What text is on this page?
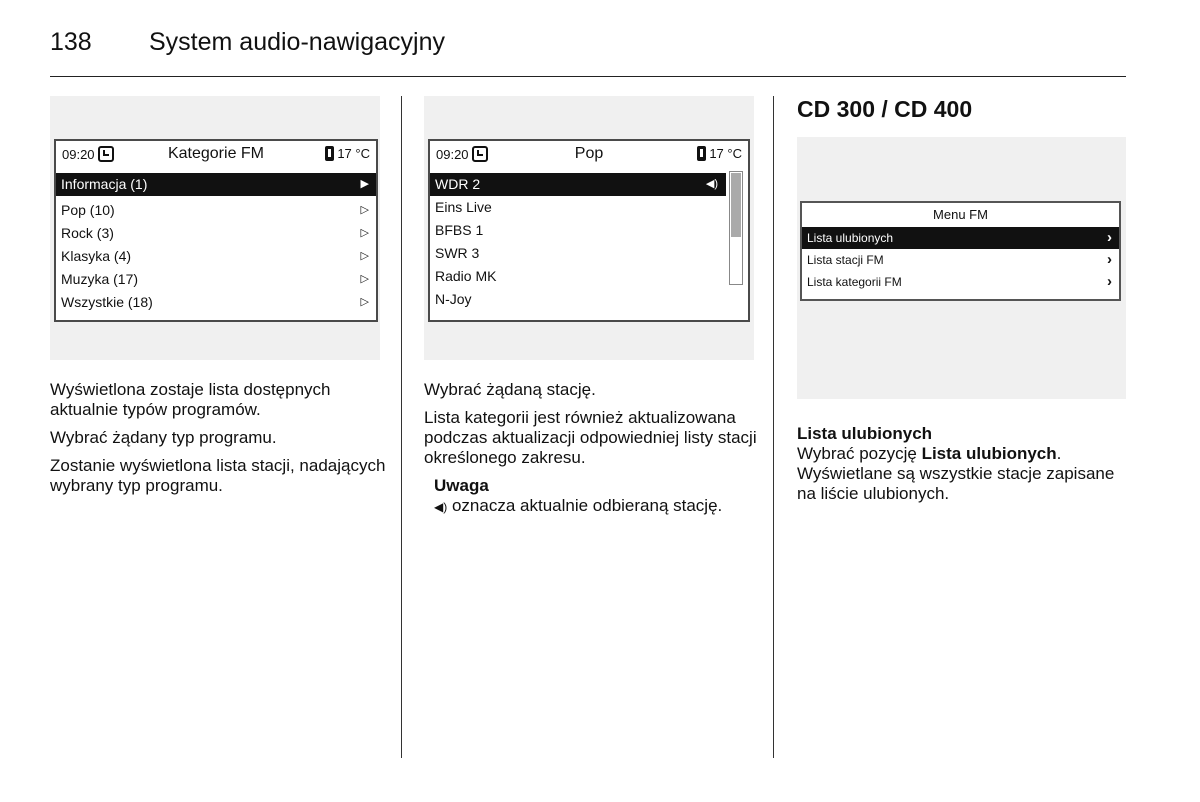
138 System audio-nawigacyjny
09:20	Kategorie FM	17 °C
Informacja (1)	▶
Pop (10)	▷
Rock (3)	▷
Klasyka (4)	▷
Muzyka (17)	▷
Wszystkie (18)	▷

Wyświetlona zostaje lista dostępnych aktualnie typów programów.

Wybrać żądany typ programu.

Zostanie wyświetlona lista stacji, nadających wybrany typ programu.

09:20	Pop	17 °C
WDR 2	◀)
Eins Live
BFBS 1
SWR 3
Radio MK
N-Joy

Wybrać żądaną stację.

Lista kategorii jest również aktualizowana podczas aktualizacji odpowiedniej listy stacji określonego zakresu.

Uwaga
◀) oznacza aktualnie odbieraną stację.
CD 300 / CD 400
Menu FM
Lista ulubionych	›
Lista stacji FM	›
Lista kategorii FM	›
Lista ulubionych
Wybrać pozycję Lista ulubionych. Wyświetlane są wszystkie stacje zapisane na liście ulubionych.
